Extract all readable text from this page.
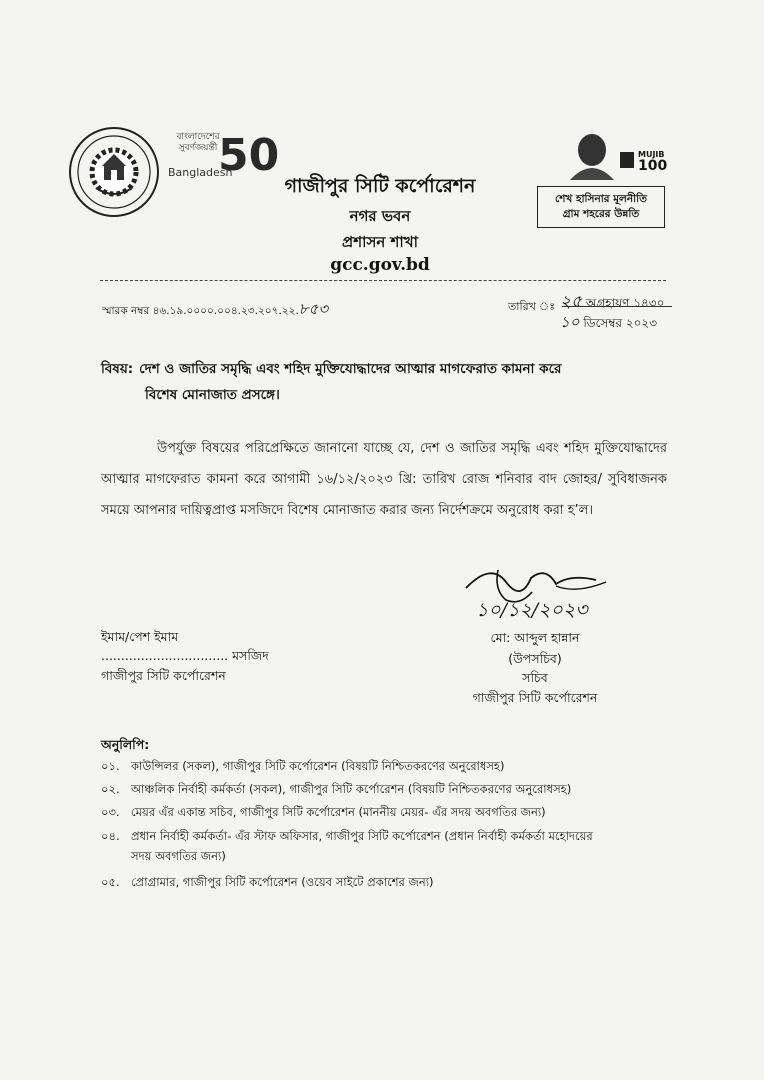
বাংলাদেশের
সুবর্ণজয়ন্তী 50
Bangladesh
গাজীপুর সিটি কর্পোরেশন
নগর ভবন
প্রশাসন শাখা
gcc.gov.bd
MUJIB
100
শেখ হাসিনার মূলনীতি
গ্রাম শহরের উন্নতি
স্মারক নম্বর ৪৬.১৯.০০০০.০০৪.২৩.২০৭.২২.৮৫৩	তারিখ ঃ ২৫ অগ্রহায়ণ ১৪৩০
১০ ডিসেম্বর ২০২৩
বিষয়: দেশ ও জাতির সমৃদ্ধি এবং শহিদ মুক্তিযোদ্ধাদের আত্মার মাগফেরাত কামনা করে
বিশেষ মোনাজাত প্রসঙ্গে।
উপর্যুক্ত বিষয়ের পরিপ্রেক্ষিতে জানানো যাচ্ছে যে, দেশ ও জাতির সমৃদ্ধি এবং শহিদ মুক্তিযোদ্ধাদের আত্মার মাগফেরাত কামনা করে আগামী ১৬/১২/২০২৩ খ্রি: তারিখ রোজ শনিবার বাদ জোহর/ সুবিধাজনক সময়ে আপনার দায়িত্বপ্রাপ্ত মসজিদে বিশেষ মোনাজাত করার জন্য নির্দেশক্রমে অনুরোধ করা হ’ল।
ইমাম/পেশ ইমাম
................................ মসজিদ
গাজীপুর সিটি কর্পোরেশন
১০/১২/২০২৩
মো: আব্দুল হান্নান
(উপসচিব)
সচিব
গাজীপুর সিটি কর্পোরেশন
অনুলিপি:
০১. কাউন্সিলর (সকল), গাজীপুর সিটি কর্পোরেশন (বিষয়টি নিশ্চিতকরণের অনুরোধসহ)
০২. আঞ্চলিক নির্বাহী কর্মকর্তা (সকল), গাজীপুর সিটি কর্পোরেশন (বিষয়টি নিশ্চিতকরণের অনুরোধসহ)
০৩. মেয়র এঁর একান্ত সচিব, গাজীপুর সিটি কর্পোরেশন (মাননীয় মেয়র- এঁর সদয় অবগতির জন্য)
০৪. প্রধান নির্বাহী কর্মকর্তা- এঁর স্টাফ অফিসার, গাজীপুর সিটি কর্পোরেশন (প্রধান নির্বাহী কর্মকর্তা মহোদয়ের
সদয় অবগতির জন্য)
০৫. প্রোগ্রামার, গাজীপুর সিটি কর্পোরেশন (ওয়েব সাইটে প্রকাশের জন্য)
